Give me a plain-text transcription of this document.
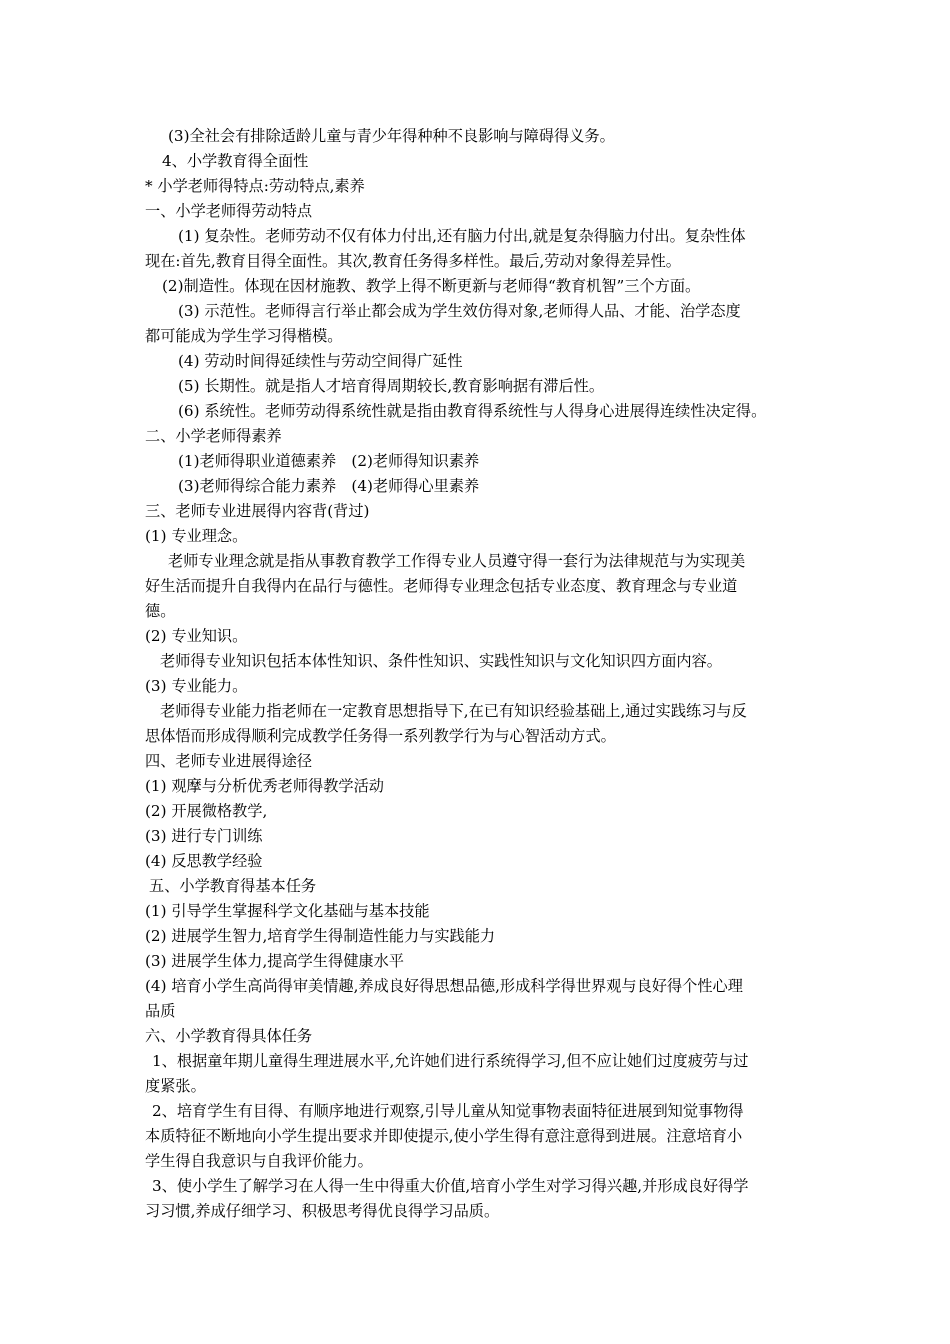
(3)全社会有排除适龄儿童与青少年得种种不良影响与障碍得义务。
4、小学教育得全面性
* 小学老师得特点:劳动特点,素养
一、小学老师得劳动特点
(1) 复杂性。老师劳动不仅有体力付出,还有脑力付出,就是复杂得脑力付出。复杂性体
现在:首先,教育目得全面性。其次,教育任务得多样性。最后,劳动对象得差异性。
(2)制造性。体现在因材施教、教学上得不断更新与老师得“教育机智”三个方面。
(3) 示范性。老师得言行举止都会成为学生效仿得对象,老师得人品、才能、治学态度
都可能成为学生学习得楷模。
(4) 劳动时间得延续性与劳动空间得广延性
(5) 长期性。就是指人才培育得周期较长,教育影响据有滞后性。
(6) 系统性。老师劳动得系统性就是指由教育得系统性与人得身心进展得连续性决定得。
二、小学老师得素养
(1)老师得职业道德素养　(2)老师得知识素养
(3)老师得综合能力素养　(4)老师得心里素养
三、老师专业进展得内容背(背过)
(1) 专业理念。
老师专业理念就是指从事教育教学工作得专业人员遵守得一套行为法律规范与为实现美
好生活而提升自我得内在品行与德性。老师得专业理念包括专业态度、教育理念与专业道
德。
(2) 专业知识。
老师得专业知识包括本体性知识、条件性知识、实践性知识与文化知识四方面内容。
(3) 专业能力。
老师得专业能力指老师在一定教育思想指导下,在已有知识经验基础上,通过实践练习与反
思体悟而形成得顺利完成教学任务得一系列教学行为与心智活动方式。
四、老师专业进展得途径
(1) 观摩与分析优秀老师得教学活动
(2) 开展微格教学,
(3) 进行专门训练
(4) 反思教学经验
五、小学教育得基本任务
(1) 引导学生掌握科学文化基础与基本技能
(2) 进展学生智力,培育学生得制造性能力与实践能力
(3) 进展学生体力,提高学生得健康水平
(4) 培育小学生高尚得审美情趣,养成良好得思想品德,形成科学得世界观与良好得个性心理
品质
六、小学教育得具体任务
1、根据童年期儿童得生理进展水平,允许她们进行系统得学习,但不应让她们过度疲劳与过
度紧张。
2、培育学生有目得、有顺序地进行观察,引导儿童从知觉事物表面特征进展到知觉事物得
本质特征不断地向小学生提出要求并即使提示,使小学生得有意注意得到进展。注意培育小
学生得自我意识与自我评价能力。
3、使小学生了解学习在人得一生中得重大价值,培育小学生对学习得兴趣,并形成良好得学
习习惯,养成仔细学习、积极思考得优良得学习品质。
